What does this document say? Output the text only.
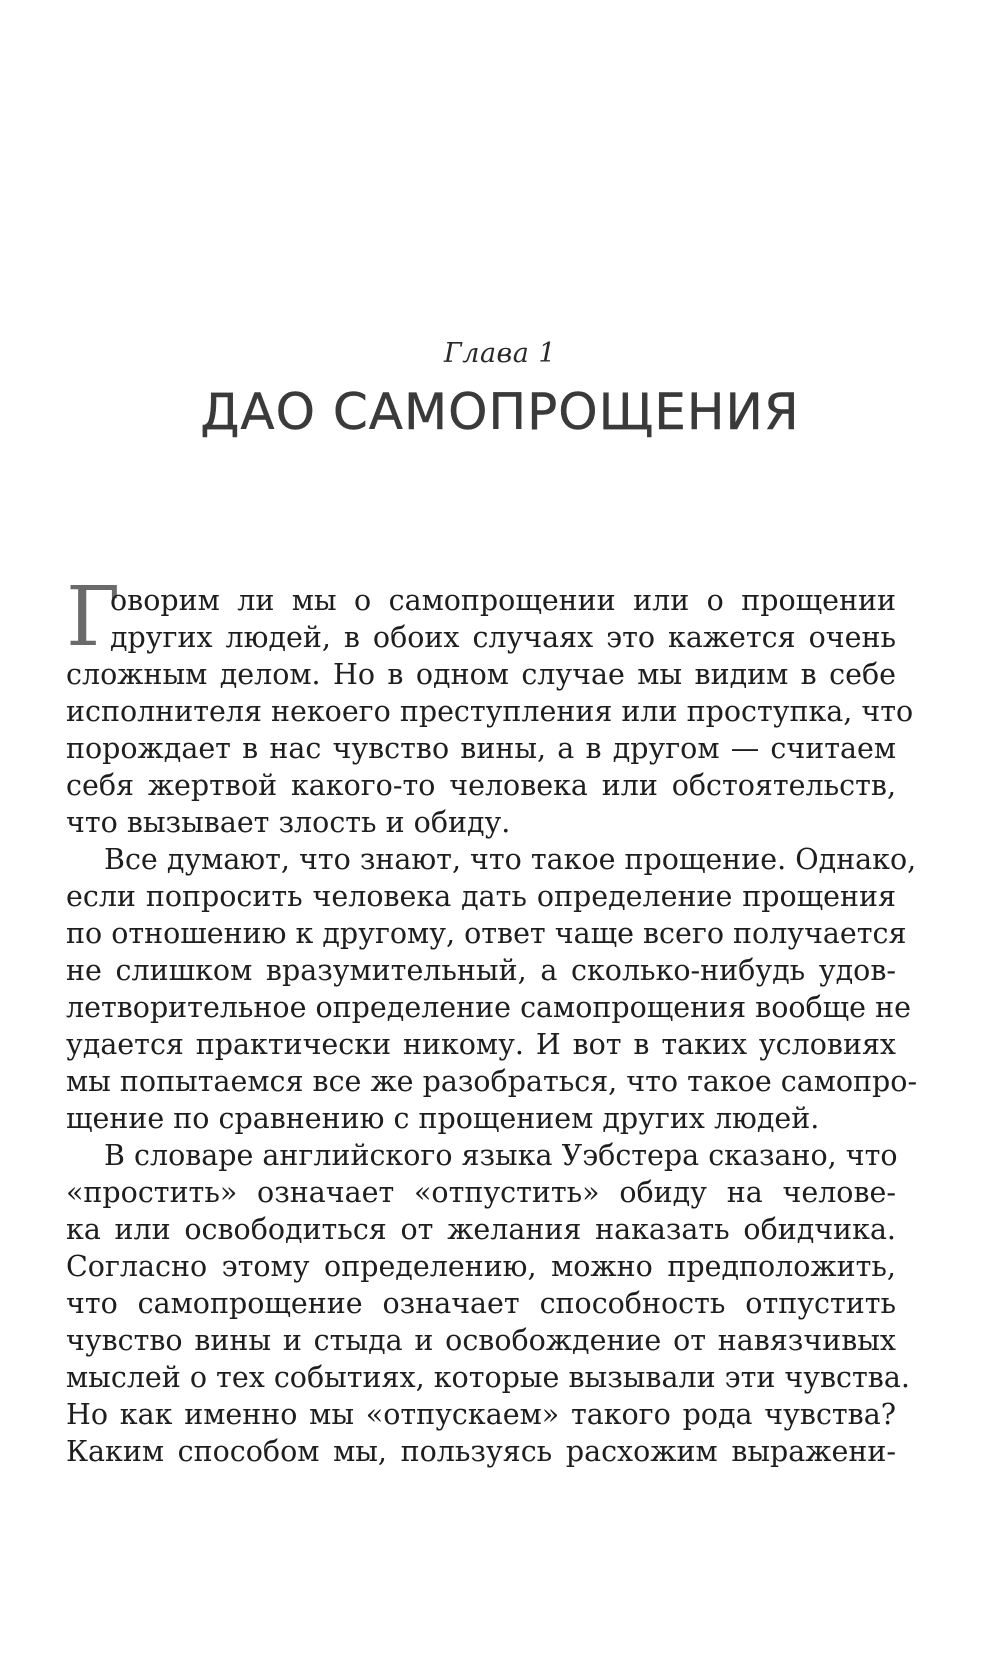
Глава 1
ДАО САМОПРОЩЕНИЯ
Г
оворим ли мы о самопрощении или о прощении
других людей, в обоих случаях это кажется очень
сложным делом. Но в одном случае мы видим в себе
исполнителя некоего преступления или проступка, что
порождает в нас чувство вины, а в другом — считаем
себя жертвой какого-то человека или обстоятельств,
что вызывает злость и обиду.
Все думают, что знают, что такое прощение. Однако,
если попросить человека дать определение прощения
по отношению к другому, ответ чаще всего получается
не слишком вразумительный, а сколько-нибудь удов-
летворительное определение самопрощения вообще не
удается практически никому. И вот в таких условиях
мы попытаемся все же разобраться, что такое самопро-
щение по сравнению с прощением других людей.
В словаре английского языка Уэбстера сказано, что
«простить» означает «отпустить» обиду на челове-
ка или освободиться от желания наказать обидчика.
Согласно этому определению, можно предположить,
что самопрощение означает способность отпустить
чувство вины и стыда и освобождение от навязчивых
мыслей о тех событиях, которые вызывали эти чувства.
Но как именно мы «отпускаем» такого рода чувства?
Каким способом мы, пользуясь расхожим выражени-
